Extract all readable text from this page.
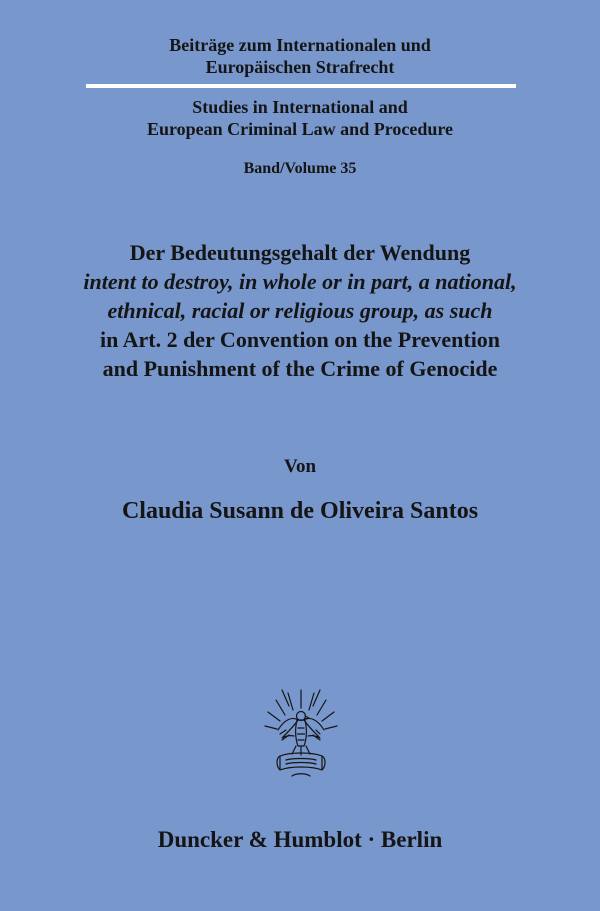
Beiträge zum Internationalen und
Europäischen Strafrecht
Studies in International and
European Criminal Law and Procedure
Band/Volume 35
Der Bedeutungsgehalt der Wendung
intent to destroy, in whole or in part, a national,
ethnical, racial or religious group, as such
in Art. 2 der Convention on the Prevention
and Punishment of the Crime of Genocide
Von
Claudia Susann de Oliveira Santos
Duncker & Humblot · Berlin
